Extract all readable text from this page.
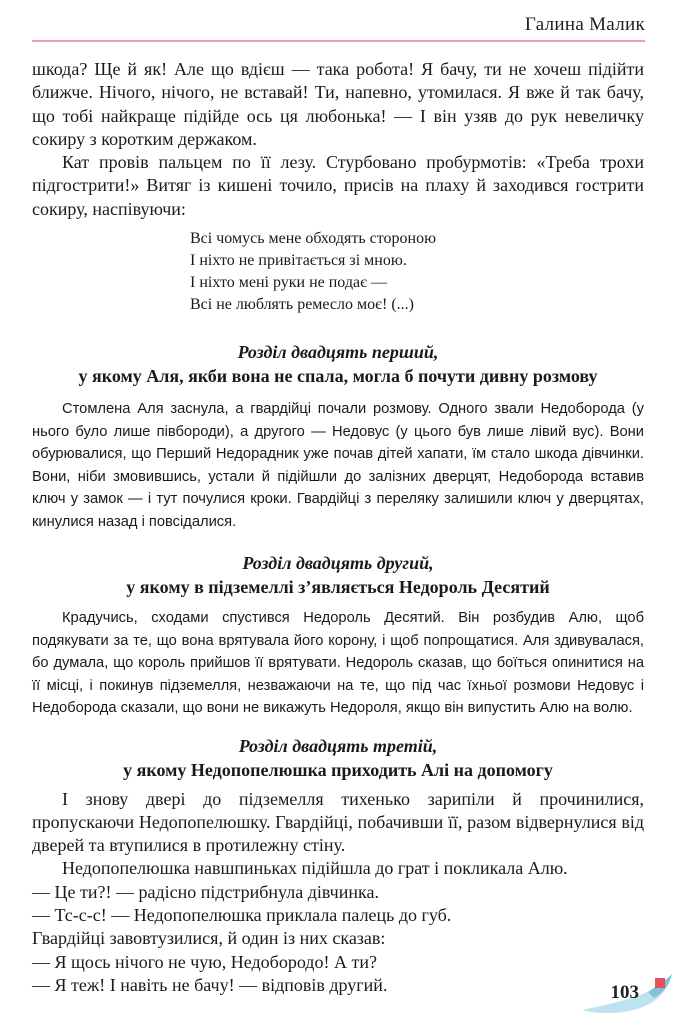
Галина Малик

шкода? Ще й як! Але що вдієш — така робота! Я бачу, ти не хочеш підійти ближче. Нічого, нічого, не вставай! Ти, напевно, утомилася. Я вже й так бачу, що тобі найкраще підійде ось ця любонька! — І він узяв до рук невеличку сокиру з коротким держаком.

Кат провів пальцем по її лезу. Стурбовано пробурмотів: «Треба трохи підгострити!» Витяг із кишені точило, присів на плаху й заходився гострити сокиру, наспівуючи:

Всі чомусь мене обходять стороною
І ніхто не привітається зі мною.
І ніхто мені руки не подає —
Всі не люблять ремесло моє! (...)
Розділ двадцять перший,
у якому Аля, якби вона не спала, могла б почути дивну розмову

Стомлена Аля заснула, а гвардійці почали розмову. Одного звали Недоборода (у нього було лише півбороди), а другого — Недовус (у цього був лише лівий вус). Вони обурювалися, що Перший Недорадник уже почав дітей хапати, їм стало шкода дівчинки. Вони, ніби змовившись, устали й підійшли до залізних дверцят, Недоборода вставив ключ у замок — і тут почулися кроки. Гвардійці з переляку залишили ключ у дверцятах, кинулися назад і повсідалися.

Розділ двадцять другий,
у якому в підземеллі з’являється Недороль Десятий

Крадучись, сходами спустився Недороль Десятий. Він розбудив Алю, щоб подякувати за те, що вона врятувала його корону, і щоб попрощатися. Аля здивувалася, бо думала, що король прийшов її врятувати. Недороль сказав, що боїться опинитися на її місці, і покинув підземелля, незважаючи на те, що під час їхньої розмови Недовус і Недоборода сказали, що вони не викажуть Недороля, якщо він випустить Алю на волю.

Розділ двадцять третій,
у якому Недопопелюшка приходить Алі на допомогу

І знову двері до підземелля тихенько зарипіли й прочинилися, пропускаючи Недопопелюшку. Гвардійці, побачивши її, разом відвернулися від дверей та втупилися в протилежну стіну.

Недопопелюшка навшпиньках підійшла до грат і покликала Алю.

— Це ти?! — радісно підстрибнула дівчинка.

— Тс-с-с! — Недопопелюшка приклала палець до губ.

Гвардійці завовтузилися, й один із них сказав:

— Я щось нічого не чую, Недобородо! А ти?

— Я теж! І навіть не бачу! — відповів другий.	103
